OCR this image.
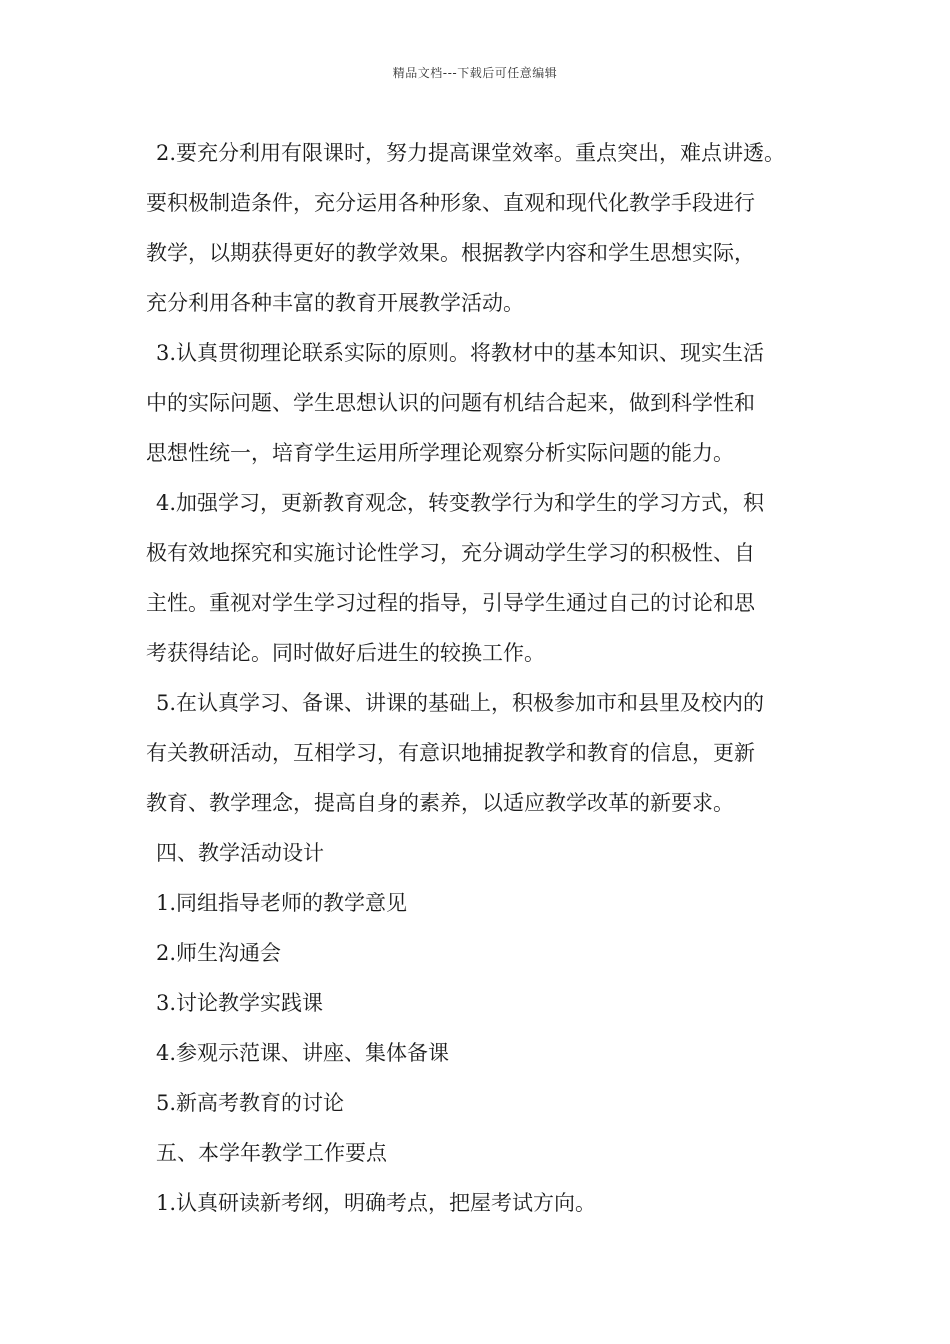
精品文档---下载后可任意编辑
2.要充分利用有限课时，努力提高课堂效率。重点突出，难点讲透。
要积极制造条件，充分运用各种形象、直观和现代化教学手段进行
教学，以期获得更好的教学效果。根据教学内容和学生思想实际，
充分利用各种丰富的教育开展教学活动。
3.认真贯彻理论联系实际的原则。将教材中的基本知识、现实生活
中的实际问题、学生思想认识的问题有机结合起来，做到科学性和
思想性统一，培育学生运用所学理论观察分析实际问题的能力。
4.加强学习，更新教育观念，转变教学行为和学生的学习方式，积
极有效地探究和实施讨论性学习，充分调动学生学习的积极性、自
主性。重视对学生学习过程的指导，引导学生通过自己的讨论和思
考获得结论。同时做好后进生的较换工作。
5.在认真学习、备课、讲课的基础上，积极参加市和县里及校内的
有关教研活动，互相学习，有意识地捕捉教学和教育的信息，更新
教育、教学理念，提高自身的素养，以适应教学改革的新要求。
四、教学活动设计
1.同组指导老师的教学意见
2.师生沟通会
3.讨论教学实践课
4.参观示范课、讲座、集体备课
5.新高考教育的讨论
五、本学年教学工作要点
1.认真研读新考纲，明确考点，把屋考试方向。
